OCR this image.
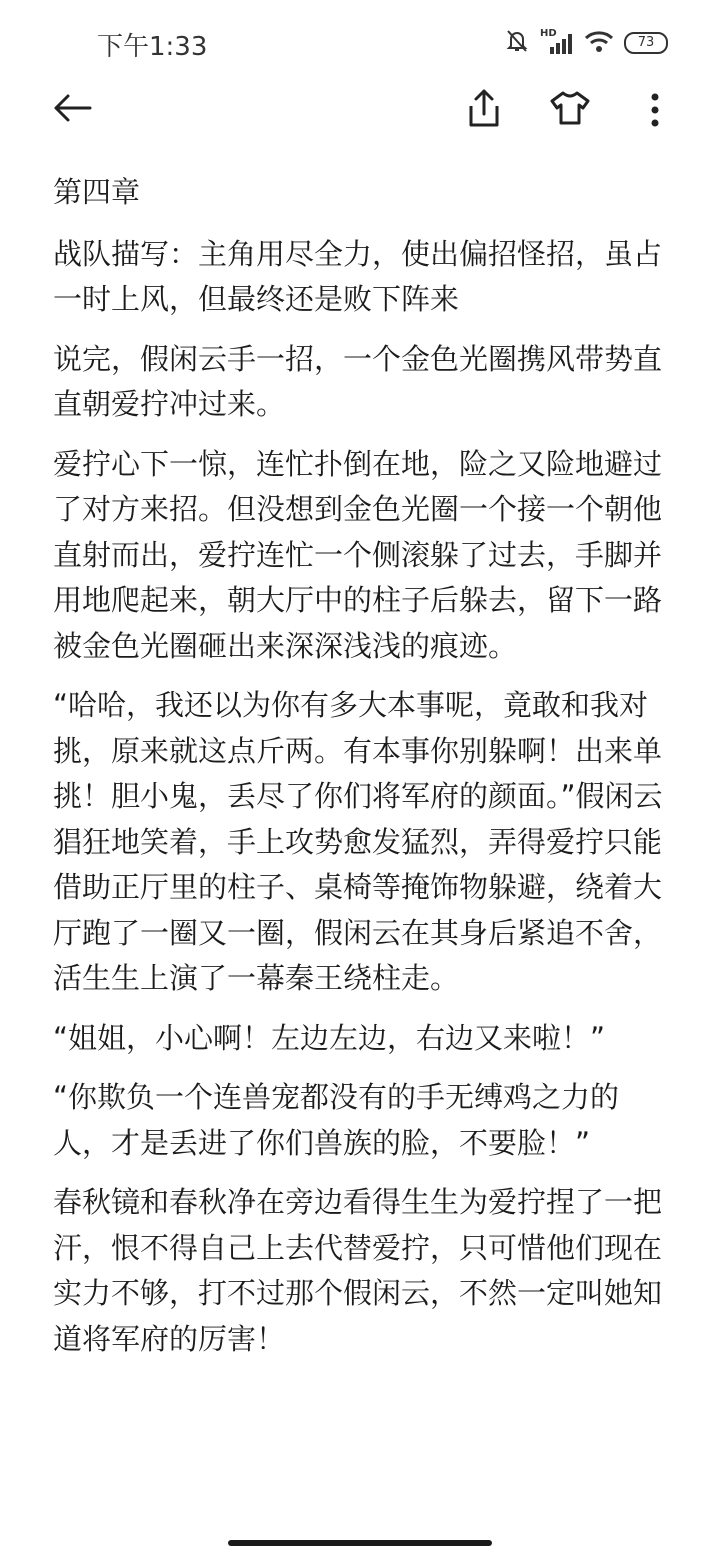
下午1:33	HD
73

第四章

战队描写：主角用尽全力，使出偏招怪招，虽占一时上风，但最终还是败下阵来

说完，假闲云手一招，一个金色光圈携风带势直直朝爱拧冲过来。

爱拧心下一惊，连忙扑倒在地，险之又险地避过了对方来招。但没想到金色光圈一个接一个朝他直射而出，爱拧连忙一个侧滚躲了过去，手脚并用地爬起来，朝大厅中的柱子后躲去，留下一路被金色光圈砸出来深深浅浅的痕迹。

“哈哈，我还以为你有多大本事呢，竟敢和我对挑，原来就这点斤两。有本事你别躲啊！出来单挑！胆小鬼，丢尽了你们将军府的颜面。”假闲云猖狂地笑着，手上攻势愈发猛烈，弄得爱拧只能借助正厅里的柱子、桌椅等掩饰物躲避，绕着大厅跑了一圈又一圈，假闲云在其身后紧追不舍，活生生上演了一幕秦王绕柱走。

“姐姐，小心啊！左边左边，右边又来啦！”

“你欺负一个连兽宠都没有的手无缚鸡之力的人，才是丢进了你们兽族的脸，不要脸！”

春秋镜和春秋净在旁边看得生生为爱拧捏了一把汗，恨不得自己上去代替爱拧，只可惜他们现在实力不够，打不过那个假闲云，不然一定叫她知道将军府的厉害！
